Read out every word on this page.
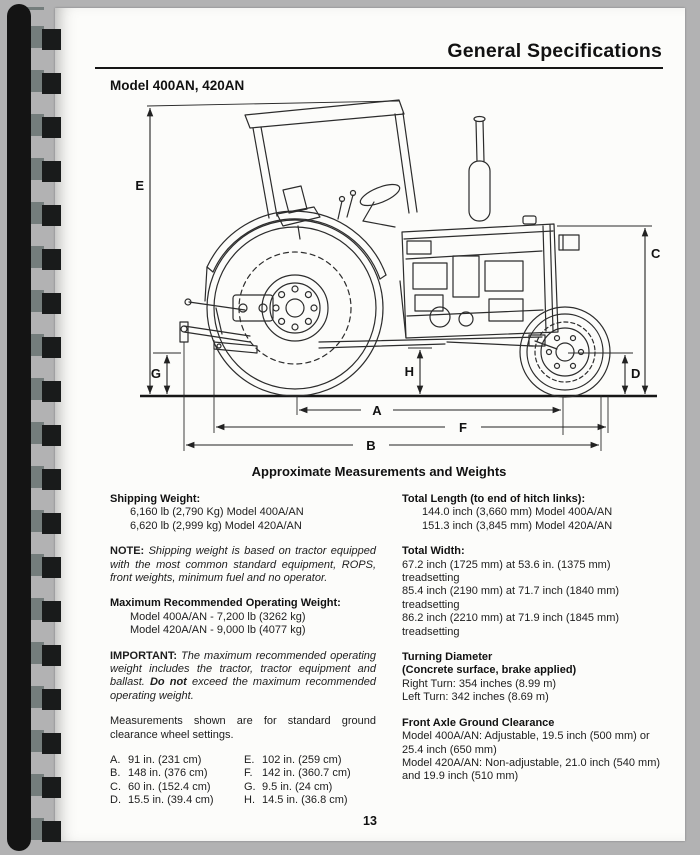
General Specifications
Model 400AN, 420AN
E
G
C
D
H
A
F
B
Approximate Measurements and Weights
Shipping Weight:
6,160 lb (2,790 Kg) Model 400A/AN
6,620 lb (2,999 kg) Model 420A/AN

NOTE: Shipping weight is based on tractor equipped with the most common standard equipment, ROPS, front weights, minimum fuel and no operator.

Maximum Recommended Operating Weight:
Model 400A/AN - 7,200 lb (3262 kg)
Model 420A/AN - 9,000 lb (4077 kg)

IMPORTANT: The maximum recommended operating weight includes the tractor, tractor equipment and ballast. Do not exceed the maximum recommended operating weight.

Measurements shown are for standard ground clearance wheel settings.

A. 91 in. (231 cm)
B. 148 in. (376 cm)
C. 60 in. (152.4 cm)
D. 15.5 in. (39.4 cm)
E. 102 in. (259 cm)
F. 142 in. (360.7 cm)
G. 9.5 in. (24 cm)
H. 14.5 in. (36.8 cm)
Total Length (to end of hitch links):
144.0 inch (3,660 mm) Model 400A/AN
151.3 inch (3,845 mm) Model 420A/AN
Total Width:
67.2 inch (1725 mm) at 53.6 in. (1375 mm)
treadsetting
85.4 inch (2190 mm) at 71.7 inch (1840 mm)
treadsetting
86.2 inch (2210 mm) at 71.9 inch (1845 mm)
treadsetting
Turning Diameter
(Concrete surface, brake applied)
Right Turn: 354 inches (8.99 m)
Left Turn: 342 inches (8.69 m)
Front Axle Ground Clearance
Model 400A/AN: Adjustable, 19.5 inch (500 mm) or 25.4 inch (650 mm)
Model 420A/AN: Non-adjustable, 21.0 inch (540 mm) and 19.9 inch (510 mm)
13
